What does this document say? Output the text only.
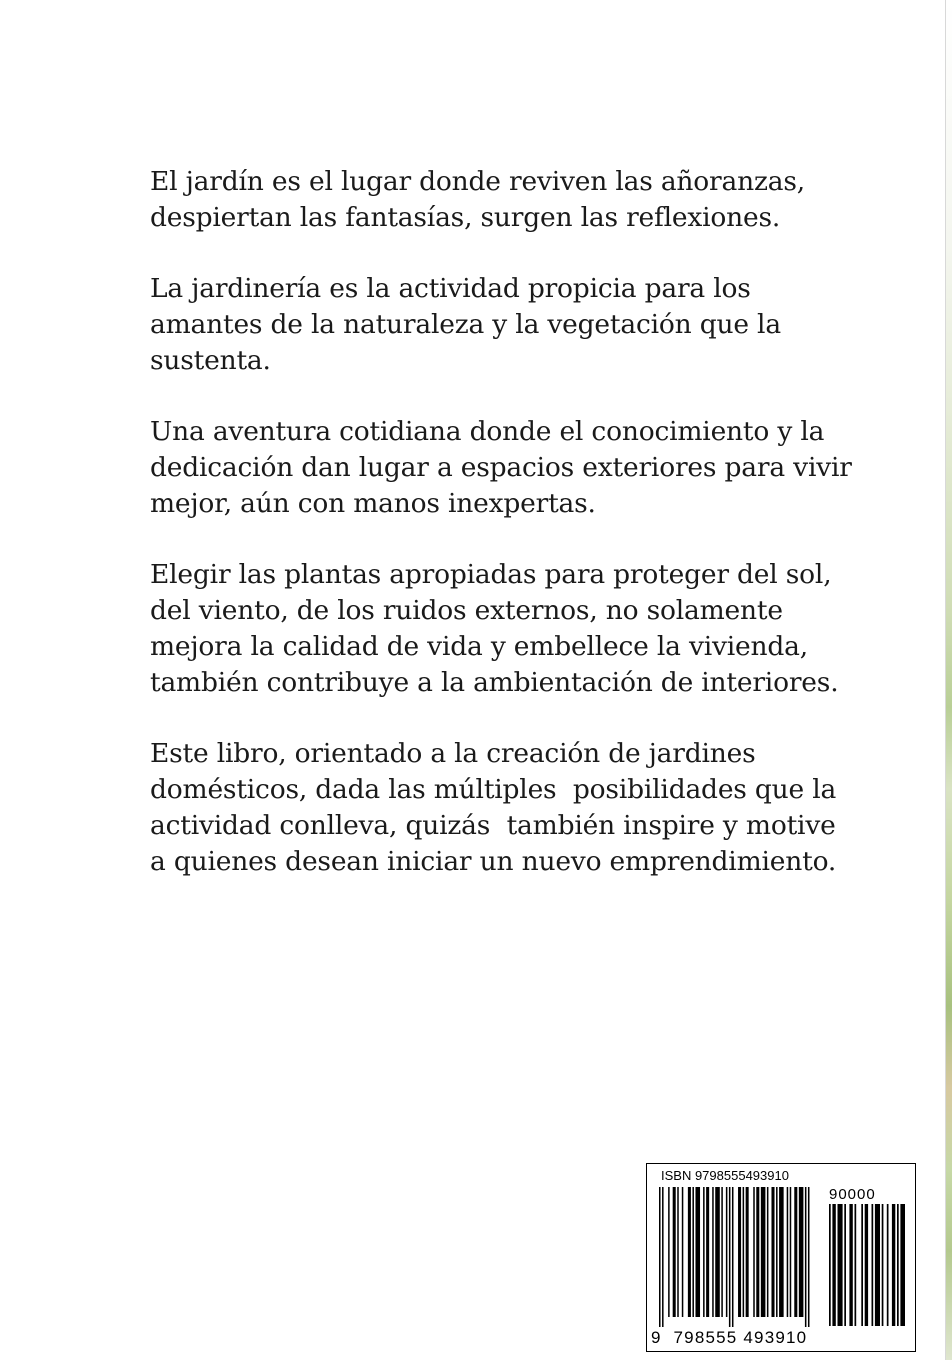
El jardín es el lugar donde reviven las añoranzas,
despiertan las fantasías, surgen las reflexiones.

La jardinería es la actividad propicia para los
amantes de la naturaleza y la vegetación que la
sustenta.

Una aventura cotidiana donde el conocimiento y la
dedicación dan lugar a espacios exteriores para vivir
mejor, aún con manos inexpertas.

Elegir las plantas apropiadas para proteger del sol,
del viento, de los ruidos externos, no solamente
mejora la calidad de vida y embellece la vivienda,
también contribuye a la ambientación de interiores.

Este libro, orientado a la creación de jardines
domésticos, dada las múltiples  posibilidades que la
actividad conlleva, quizás  también inspire y motive
a quienes desean iniciar un nuevo emprendimiento.

ISBN 9798555493910
90000
9 798555 493910
